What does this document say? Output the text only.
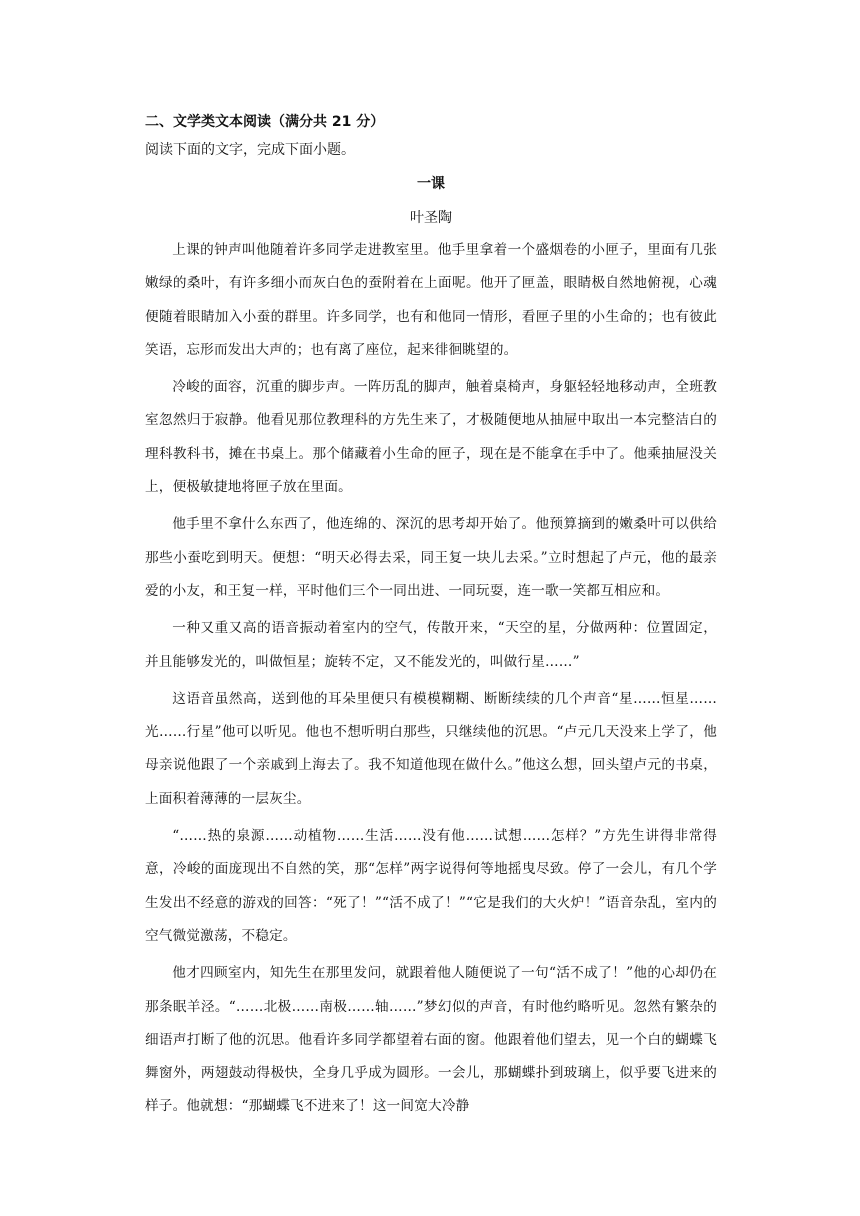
二、文学类文本阅读（满分共 21 分）

阅读下面的文字，完成下面小题。

一课

叶圣陶

上课的钟声叫他随着许多同学走进教室里。他手里拿着一个盛烟卷的小匣子，里面有几张嫩绿的桑叶，有许多细小而灰白色的蚕附着在上面呢。他开了匣盖，眼睛极自然地俯视，心魂便随着眼睛加入小蚕的群里。许多同学，也有和他同一情形，看匣子里的小生命的；也有彼此笑语，忘形而发出大声的；也有离了座位，起来徘徊眺望的。

冷峻的面容，沉重的脚步声。一阵历乱的脚声，触着桌椅声，身躯轻轻地移动声，全班教室忽然归于寂静。他看见那位教理科的方先生来了，才极随便地从抽屉中取出一本完整洁白的理科教科书，摊在书桌上。那个储藏着小生命的匣子，现在是不能拿在手中了。他乘抽屉没关上，便极敏捷地将匣子放在里面。

他手里不拿什么东西了，他连绵的、深沉的思考却开始了。他预算摘到的嫩桑叶可以供给那些小蚕吃到明天。便想：“明天必得去采，同王复一块儿去采。”立时想起了卢元，他的最亲爱的小友，和王复一样，平时他们三个一同出进、一同玩耍，连一歌一笑都互相应和。

一种又重又高的语音振动着室内的空气，传散开来，“天空的星，分做两种：位置固定，并且能够发光的，叫做恒星；旋转不定，又不能发光的，叫做行星……”

这语音虽然高，送到他的耳朵里便只有模模糊糊、断断续续的几个声音“星……恒星……光……行星”他可以听见。他也不想听明白那些，只继续他的沉思。“卢元几天没来上学了，他母亲说他跟了一个亲戚到上海去了。我不知道他现在做什么。”他这么想，回头望卢元的书桌，上面积着薄薄的一层灰尘。

“……热的泉源……动植物……生活……没有他……试想……怎样？”方先生讲得非常得意，冷峻的面庞现出不自然的笑，那“怎样”两字说得何等地摇曳尽致。停了一会儿，有几个学生发出不经意的游戏的回答：“死了！”“活不成了！”“它是我们的大火炉！”语音杂乱，室内的空气微觉激荡，不稳定。

他才四顾室内，知先生在那里发问，就跟着他人随便说了一句“活不成了！”他的心却仍在那条眠羊泾。“……北极……南极……轴……”梦幻似的声音，有时他约略听见。忽然有繁杂的细语声打断了他的沉思。他看许多同学都望着右面的窗。他跟着他们望去，见一个白的蝴蝶飞舞窗外，两翅鼓动得极快，全身几乎成为圆形。一会儿，那蝴蝶扑到玻璃上，似乎要飞进来的样子。他就想：“那蝴蝶飞不进来了！这一间宽大冷静
